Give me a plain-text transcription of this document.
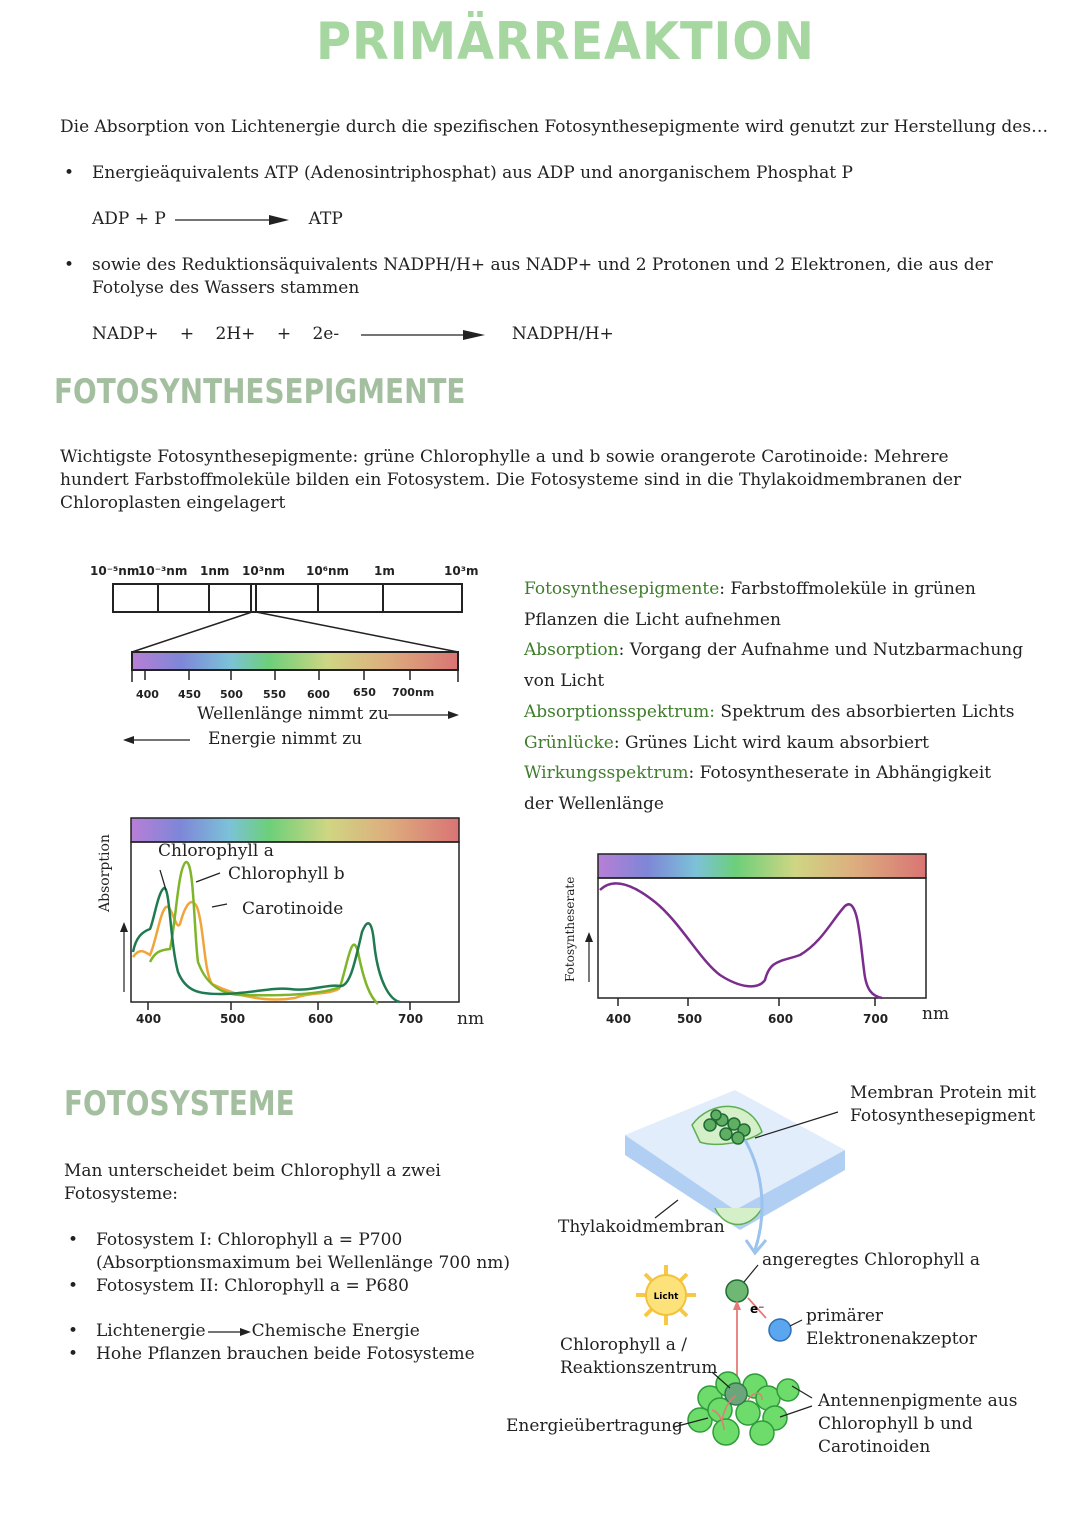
PRIMÄRREAKTION
Die Absorption von Lichtenergie durch die spezifischen Fotosynthesepigmente wird genutzt zur Herstellung des…
• Energieäquivalents ATP (Adenosintriphosphat) aus ADP und anorganischem Phosphat P
ADP + P	ATP
• sowie des Reduktionsäquivalents NADPH/H+ aus NADP+ und 2 Protonen und 2 Elektronen, die aus der Fotolyse des Wassers stammen
NADP+ + 2H+ + 2e-	NADPH/H+
FOTOSYNTHESEPIGMENTE
Wichtigste Fotosynthesepigmente: grüne Chlorophylle a und b sowie orangerote Carotinoide: Mehrere hundert Farbstoffmoleküle bilden ein Fotosystem. Die Fotosysteme sind in die Thylakoidmembranen der Chloroplasten eingelagert
10⁻⁵nm
10⁻³nm 1nm 10³nm 10⁶nm 1m	10³m
400 450 500 550 600 650 700nm
Wellenlänge nimmt zu
Energie nimmt zu
Fotosynthesepigmente: Farbstoffmoleküle in grünen Pflanzen die Licht aufnehmen
Absorption: Vorgang der Aufnahme und Nutzbarmachung von Licht
Absorptionsspektrum: Spektrum des absorbierten Lichts
Grünlücke: Grünes Licht wird kaum absorbiert
Wirkungsspektrum: Fotosyntheserate in Abhängigkeit der Wellenlänge
Absorption	Chlorophyll a
Chlorophyll b
Carotinoide
400	500	600	700 nm
Fotosyntheserate
400	500	600	700 nm
FOTOSYSTEME
Man unterscheidet beim Chlorophyll a zwei Fotosysteme:
• Fotosystem I: Chlorophyll a = P700
(Absorptionsmaximum bei Wellenlänge 700 nm)
• Fotosystem II: Chlorophyll a = P680
• Lichtenergie	Chemische Energie
• Hohe Pflanzen brauchen beide Fotosysteme
Licht
e⁻
Membran Protein mit
Fotosynthesepigment
Thylakoidmembran
angeregtes Chlorophyll a
primärer
Elektronenakzeptor
Chlorophyll a /
Reaktionszentrum
Energieübertragung
Antennenpigmente aus
Chlorophyll b und
Carotinoiden
